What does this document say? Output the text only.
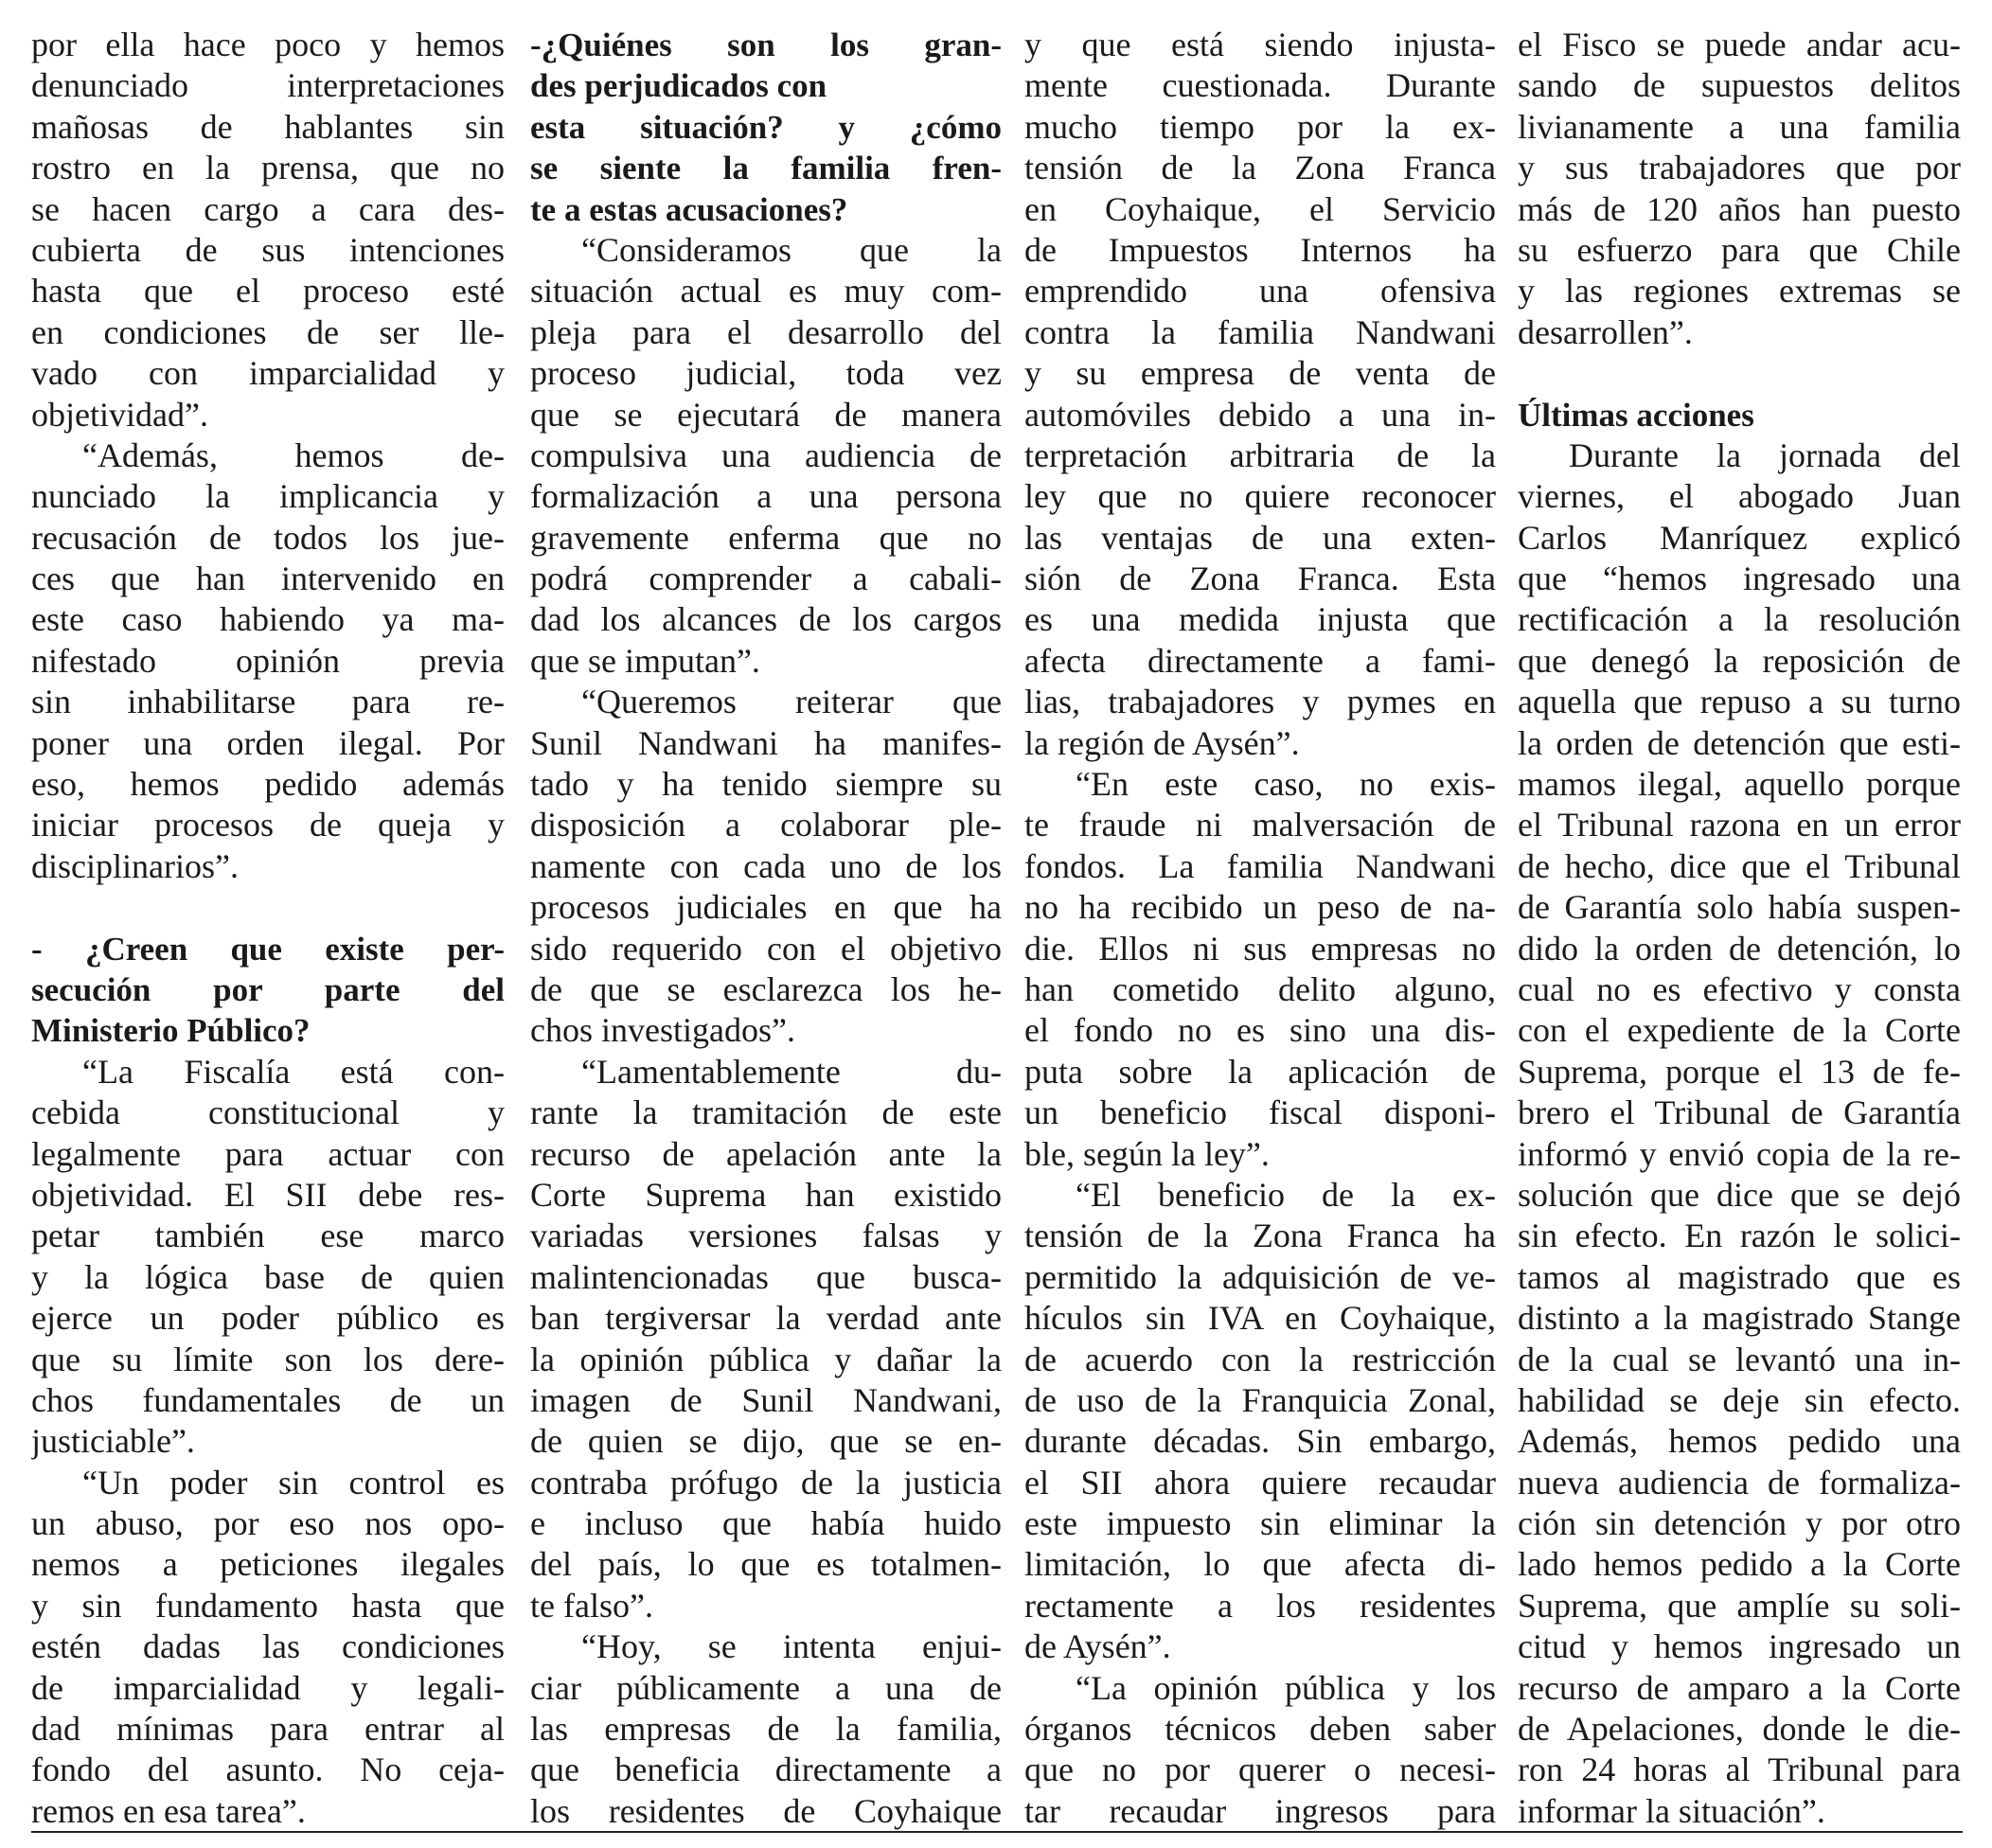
por ella hace poco y hemos
denunciado interpretaciones
mañosas de hablantes sin
rostro en la prensa, que no
se hacen cargo a cara des-
cubierta de sus intenciones
hasta que el proceso esté
en condiciones de ser lle-
vado con imparcialidad y
objetividad”.
“Además, hemos de-
nunciado la implicancia y
recusación de todos los jue-
ces que han intervenido en
este caso habiendo ya ma-
nifestado opinión previa
sin inhabilitarse para re-
poner una orden ilegal. Por
eso, hemos pedido además
iniciar procesos de queja y
disciplinarios”.
- ¿Creen que existe per-
secución por parte del
Ministerio Público?
“La Fiscalía está con-
cebida constitucional y
legalmente para actuar con
objetividad. El SII debe res-
petar también ese marco
y la lógica base de quien
ejerce un poder público es
que su límite son los dere-
chos fundamentales de un
justiciable”.
“Un poder sin control es
un abuso, por eso nos opo-
nemos a peticiones ilegales
y sin fundamento hasta que
estén dadas las condiciones
de imparcialidad y legali-
dad mínimas para entrar al
fondo del asunto. No ceja-
remos en esa tarea”.
-¿Quiénes son los gran-
des perjudicados con
esta situación? y ¿cómo
se siente la familia fren-
te a estas acusaciones?
“Consideramos que la
situación actual es muy com-
pleja para el desarrollo del
proceso judicial, toda vez
que se ejecutará de manera
compulsiva una audiencia de
formalización a una persona
gravemente enferma que no
podrá comprender a cabali-
dad los alcances de los cargos
que se imputan”.
“Queremos reiterar que
Sunil Nandwani ha manifes-
tado y ha tenido siempre su
disposición a colaborar ple-
namente con cada uno de los
procesos judiciales en que ha
sido requerido con el objetivo
de que se esclarezca los he-
chos investigados”.
“Lamentablemente du-
rante la tramitación de este
recurso de apelación ante la
Corte Suprema han existido
variadas versiones falsas y
malintencionadas que busca-
ban tergiversar la verdad ante
la opinión pública y dañar la
imagen de Sunil Nandwani,
de quien se dijo, que se en-
contraba prófugo de la justicia
e incluso que había huido
del país, lo que es totalmen-
te falso”.
“Hoy, se intenta enjui-
ciar públicamente a una de
las empresas de la familia,
que beneficia directamente a
los residentes de Coyhaique
y que está siendo injusta-
mente cuestionada. Durante
mucho tiempo por la ex-
tensión de la Zona Franca
en Coyhaique, el Servicio
de Impuestos Internos ha
emprendido una ofensiva
contra la familia Nandwani
y su empresa de venta de
automóviles debido a una in-
terpretación arbitraria de la
ley que no quiere reconocer
las ventajas de una exten-
sión de Zona Franca. Esta
es una medida injusta que
afecta directamente a fami-
lias, trabajadores y pymes en
la región de Aysén”.
“En este caso, no exis-
te fraude ni malversación de
fondos. La familia Nandwani
no ha recibido un peso de na-
die. Ellos ni sus empresas no
han cometido delito alguno,
el fondo no es sino una dis-
puta sobre la aplicación de
un beneficio fiscal disponi-
ble, según la ley”.
“El beneficio de la ex-
tensión de la Zona Franca ha
permitido la adquisición de ve-
hículos sin IVA en Coyhaique,
de acuerdo con la restricción
de uso de la Franquicia Zonal,
durante décadas. Sin embargo,
el SII ahora quiere recaudar
este impuesto sin eliminar la
limitación, lo que afecta di-
rectamente a los residentes
de Aysén”.
“La opinión pública y los
órganos técnicos deben saber
que no por querer o necesi-
tar recaudar ingresos para
el Fisco se puede andar acu-
sando de supuestos delitos
livianamente a una familia
y sus trabajadores que por
más de 120 años han puesto
su esfuerzo para que Chile
y las regiones extremas se
desarrollen”.
Últimas acciones
Durante la jornada del
viernes, el abogado Juan
Carlos Manríquez explicó
que “hemos ingresado una
rectificación a la resolución
que denegó la reposición de
aquella que repuso a su turno
la orden de detención que esti-
mamos ilegal, aquello porque
el Tribunal razona en un error
de hecho, dice que el Tribunal
de Garantía solo había suspen-
dido la orden de detención, lo
cual no es efectivo y consta
con el expediente de la Corte
Suprema, porque el 13 de fe-
brero el Tribunal de Garantía
informó y envió copia de la re-
solución que dice que se dejó
sin efecto. En razón le solici-
tamos al magistrado que es
distinto a la magistrado Stange
de la cual se levantó una in-
habilidad se deje sin efecto.
Además, hemos pedido una
nueva audiencia de formaliza-
ción sin detención y por otro
lado hemos pedido a la Corte
Suprema, que amplíe su soli-
citud y hemos ingresado un
recurso de amparo a la Corte
de Apelaciones, donde le die-
ron 24 horas al Tribunal para
informar la situación”.
